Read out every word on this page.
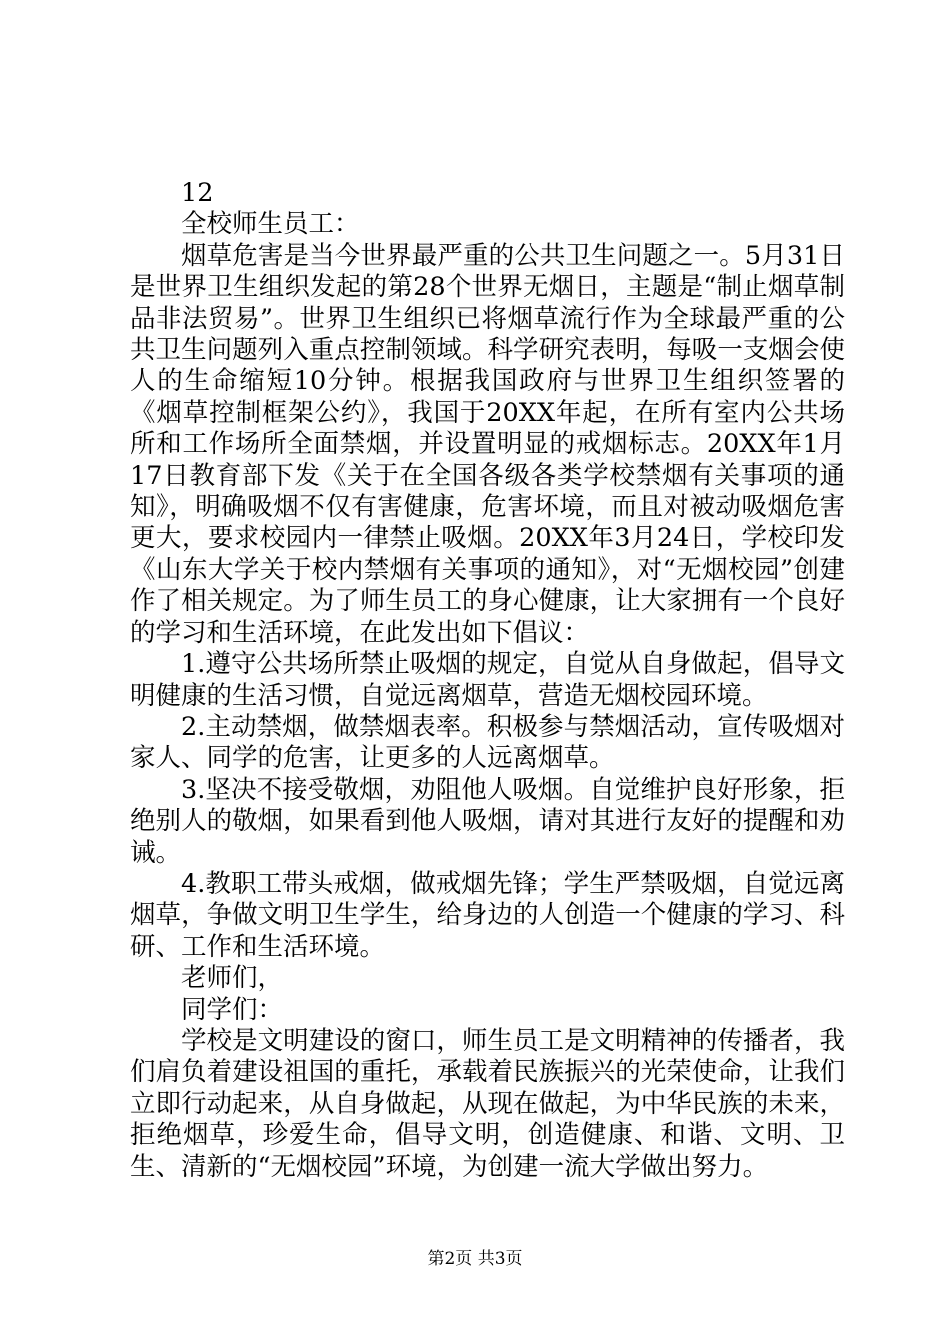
12

全校师生员工：

烟草危害是当今世界最严重的公共卫生问题之一。5月31日是世界卫生组织发起的第28个世界无烟日，主题是“制止烟草制品非法贸易”。世界卫生组织已将烟草流行作为全球最严重的公共卫生问题列入重点控制领域。科学研究表明，每吸一支烟会使人的生命缩短10分钟。根据我国政府与世界卫生组织签署的《烟草控制框架公约》，我国于20XX年起，在所有室内公共场所和工作场所全面禁烟，并设置明显的戒烟标志。20XX年1月17日教育部下发《关于在全国各级各类学校禁烟有关事项的通知》，明确吸烟不仅有害健康，危害坏境，而且对被动吸烟危害更大，要求校园内一律禁止吸烟。20XX年3月24日，学校印发《山东大学关于校内禁烟有关事项的通知》，对“无烟校园”创建作了相关规定。为了师生员工的身心健康，让大家拥有一个良好的学习和生活环境，在此发出如下倡议：

1.遵守公共场所禁止吸烟的规定，自觉从自身做起，倡导文明健康的生活习惯，自觉远离烟草，营造无烟校园环境。

2.主动禁烟，做禁烟表率。积极参与禁烟活动，宣传吸烟对家人、同学的危害，让更多的人远离烟草。

3.坚决不接受敬烟，劝阻他人吸烟。自觉维护良好形象，拒绝别人的敬烟，如果看到他人吸烟，请对其进行友好的提醒和劝诫。

4.教职工带头戒烟，做戒烟先锋；学生严禁吸烟，自觉远离烟草，争做文明卫生学生，给身边的人创造一个健康的学习、科研、工作和生活环境。

老师们，

同学们：

学校是文明建设的窗口，师生员工是文明精神的传播者，我们肩负着建设祖国的重托，承载着民族振兴的光荣使命，让我们立即行动起来，从自身做起，从现在做起，为中华民族的未来，拒绝烟草，珍爱生命，倡导文明，创造健康、和谐、文明、卫生、清新的“无烟校园”环境，为创建一流大学做出努力。

第2页 共3页
